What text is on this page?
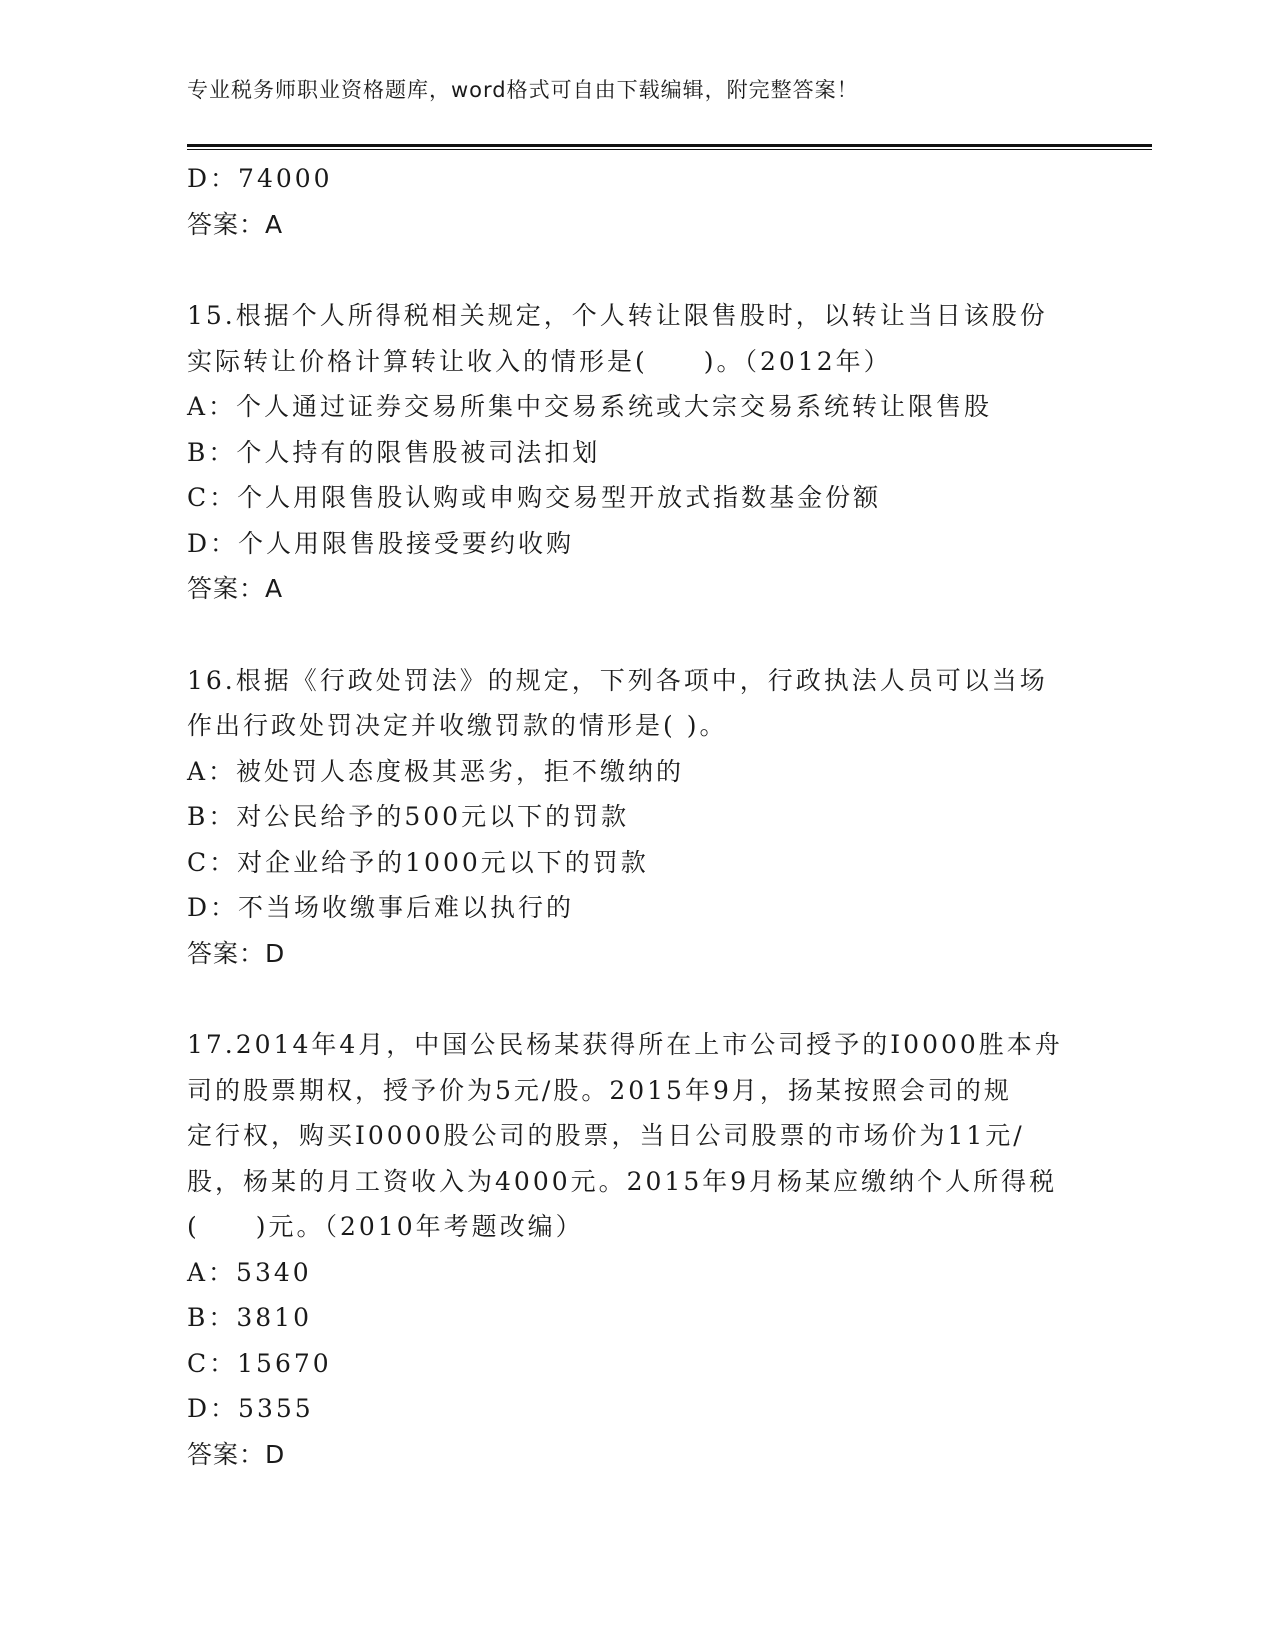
专业税务师职业资格题库，word格式可自由下载编辑，附完整答案！
D：74000
答案：A
15.根据个人所得税相关规定，个人转让限售股时，以转让当日该股份
实际转让价格计算转让收入的情形是(　　)。（2012年）
A：个人通过证券交易所集中交易系统或大宗交易系统转让限售股
B：个人持有的限售股被司法扣划
C：个人用限售股认购或申购交易型开放式指数基金份额
D：个人用限售股接受要约收购
答案：A
16.根据《行政处罚法》的规定，下列各项中，行政执法人员可以当场
作出行政处罚决定并收缴罚款的情形是( )。
A：被处罚人态度极其恶劣，拒不缴纳的
B：对公民给予的500元以下的罚款
C：对企业给予的1000元以下的罚款
D：不当场收缴事后难以执行的
答案：D
17.2014年4月，中国公民杨某获得所在上市公司授予的I0000胜本舟
司的股票期权，授予价为5元/股。2015年9月，扬某按照会司的规
定行权，购买I0000股公司的股票，当日公司股票的市场价为11元/
股，杨某的月工资收入为4000元。2015年9月杨某应缴纳个人所得税
(　　)元。（2010年考题改编）
A：5340
B：3810
C：15670
D：5355
答案：D
